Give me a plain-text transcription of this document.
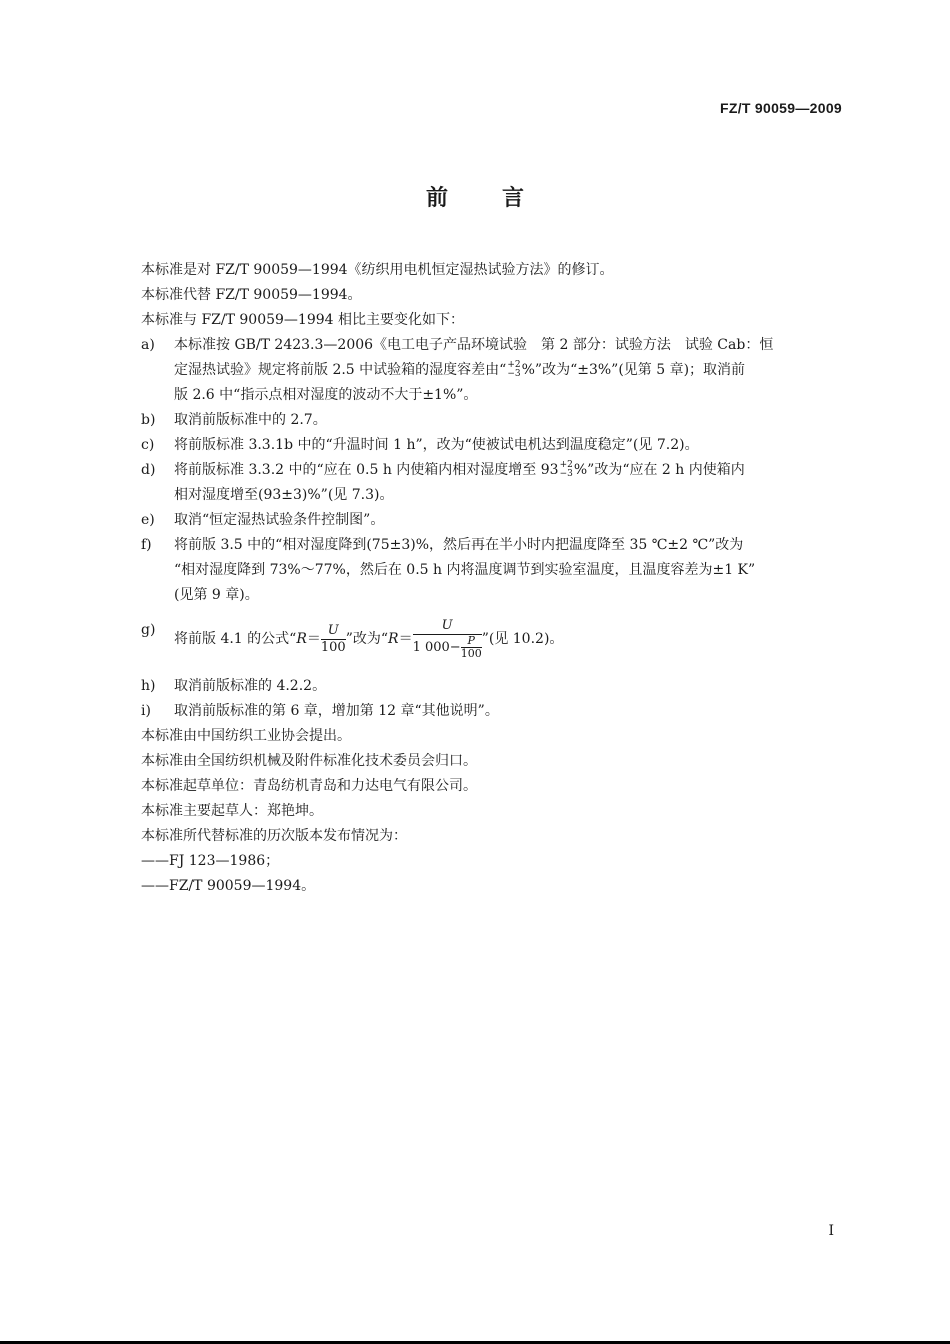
FZ/T 90059—2009
前言

本标准是对 FZ/T 90059—1994《纺织用电机恒定湿热试验方法》的修订。

本标准代替 FZ/T 90059—1994。

本标准与 FZ/T 90059—1994 相比主要变化如下：

a) 本标准按 GB/T 2423.3—2006《电工电子产品环境试验　第 2 部分：试验方法　试验 Cab：恒
定湿热试验》规定将前版 2.5 中试验箱的湿度容差由“ +2
−3 %”改为“±3%”(见第 5 章)；取消前
版 2.6 中“指示点相对湿度的波动不大于±1%”。
b) 取消前版标准中的 2.7。
c) 将前版标准 3.3.1b 中的“升温时间 1 h”，改为“使被试电机达到温度稳定”(见 7.2)。
d) 将前版标准 3.3.2 中的“应在 0.5 h 内使箱内相对湿度增至 93 +2
−3 %”改为“应在 2 h 内使箱内
相对湿度增至(93±3)%”(见 7.3)。
e) 取消“恒定湿热试验条件控制图”。
f) 将前版 3.5 中的“相对湿度降到(75±3)%，然后再在半小时内把温度降至 35 ℃±2 ℃”改为
“相对湿度降到 73%～77%，然后在 0.5 h 内将温度调节到实验室温度，且温度容差为±1 K”
(见第 9 章)。
g)
将前版 4.1 的公式“$R= \frac{U}{100}$ ”改为“$R= \frac{U}{1 000- \frac{P}{100}}$ ”(见 10.2)。
h) 取消前版标准的 4.2.2。
i) 取消前版标准的第 6 章，增加第 12 章“其他说明”。

本标准由中国纺织工业协会提出。

本标准由全国纺织机械及附件标准化技术委员会归口。

本标准起草单位：青岛纺机青岛和力达电气有限公司。

本标准主要起草人：郑艳坤。

本标准所代替标准的历次版本发布情况为：

——FJ 123—1986；

——FZ/T 90059—1994。

I
